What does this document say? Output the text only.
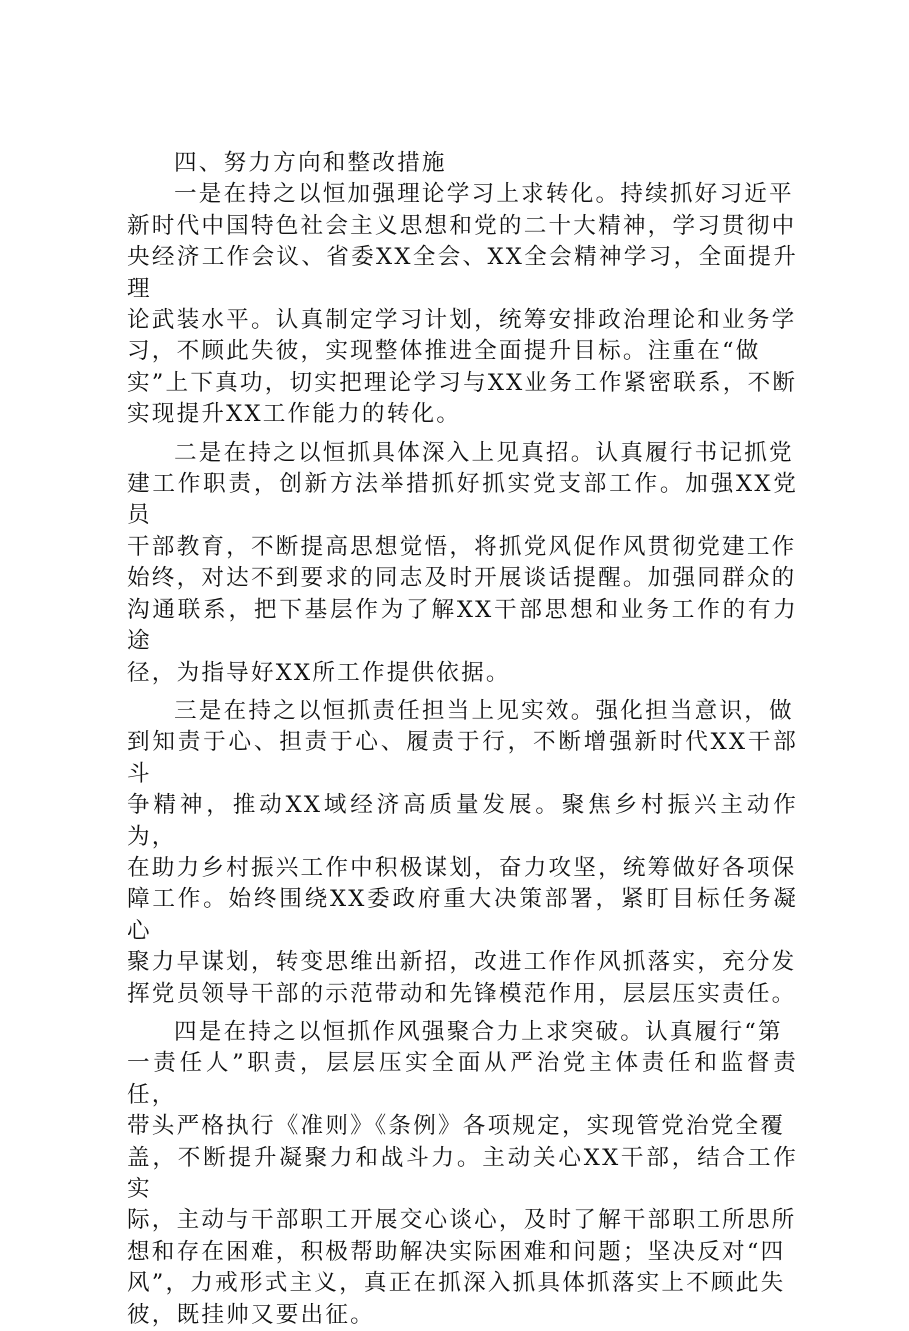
四、努力方向和整改措施

一是在持之以恒加强理论学习上求转化。持续抓好习近平
新时代中国特色社会主义思想和党的二十大精神，学习贯彻中
央经济工作会议、省委XX全会、XX全会精神学习，全面提升理
论武装水平。认真制定学习计划，统筹安排政治理论和业务学
习，不顾此失彼，实现整体推进全面提升目标。注重在“做
实”上下真功，切实把理论学习与XX业务工作紧密联系，不断
实现提升XX工作能力的转化。

二是在持之以恒抓具体深入上见真招。认真履行书记抓党
建工作职责，创新方法举措抓好抓实党支部工作。加强XX党员
干部教育，不断提高思想觉悟，将抓党风促作风贯彻党建工作
始终，对达不到要求的同志及时开展谈话提醒。加强同群众的
沟通联系，把下基层作为了解XX干部思想和业务工作的有力途
径，为指导好XX所工作提供依据。

三是在持之以恒抓责任担当上见实效。强化担当意识，做
到知责于心、担责于心、履责于行，不断增强新时代XX干部斗
争精神，推动XX域经济高质量发展。聚焦乡村振兴主动作为，
在助力乡村振兴工作中积极谋划，奋力攻坚，统筹做好各项保
障工作。始终围绕XX委政府重大决策部署，紧盯目标任务凝心
聚力早谋划，转变思维出新招，改进工作作风抓落实，充分发
挥党员领导干部的示范带动和先锋模范作用，层层压实责任。

四是在持之以恒抓作风强聚合力上求突破。认真履行“第
一责任人”职责，层层压实全面从严治党主体责任和监督责任，
带头严格执行《准则》《条例》各项规定，实现管党治党全覆
盖，不断提升凝聚力和战斗力。主动关心XX干部，结合工作实
际，主动与干部职工开展交心谈心，及时了解干部职工所思所
想和存在困难，积极帮助解决实际困难和问题；坚决反对“四
风”，力戒形式主义，真正在抓深入抓具体抓落实上不顾此失
彼，既挂帅又要出征。
